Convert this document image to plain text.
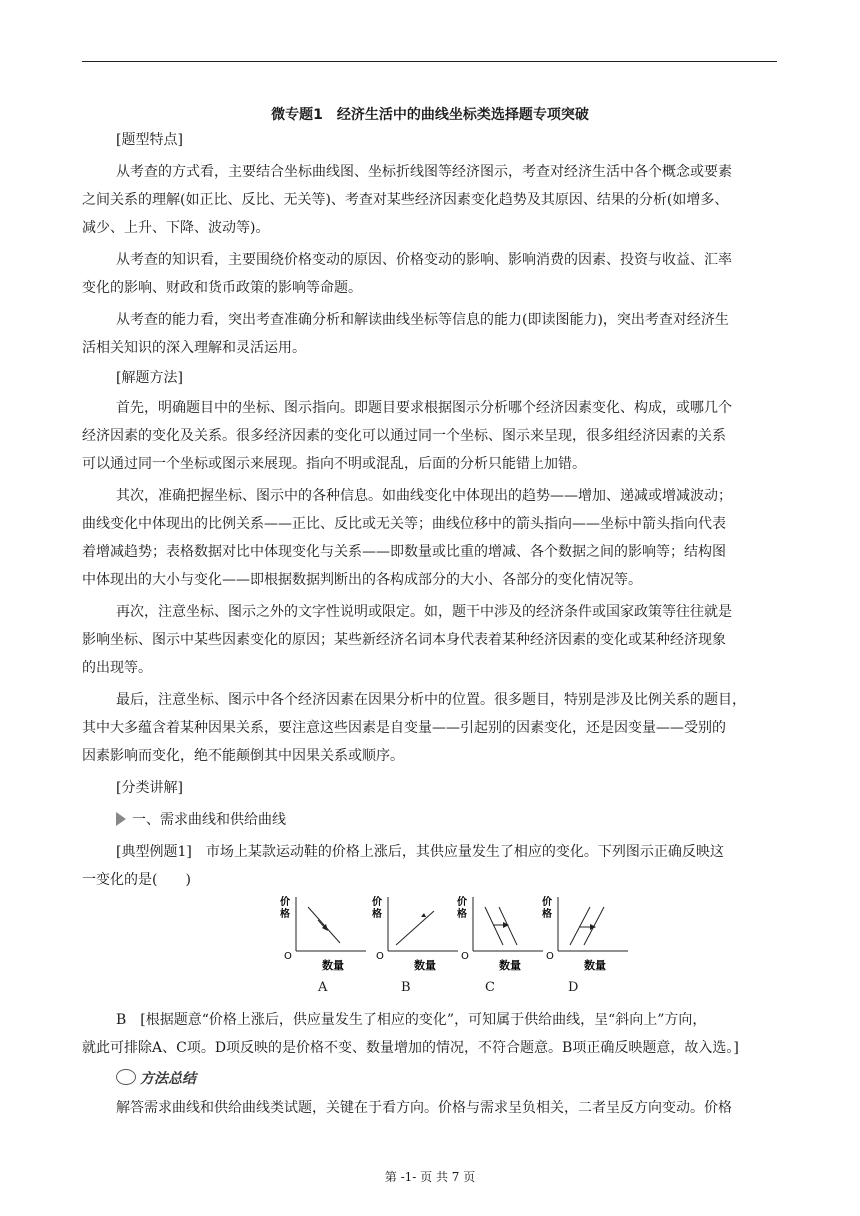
微专题1　经济生活中的曲线坐标类选择题专项突破
[题型特点]
从考查的方式看，主要结合坐标曲线图、坐标折线图等经济图示，考查对经济生活中各个概念或要素
之间关系的理解(如正比、反比、无关等)、考查对某些经济因素变化趋势及其原因、结果的分析(如增多、
减少、上升、下降、波动等)。
从考查的知识看，主要围绕价格变动的原因、价格变动的影响、影响消费的因素、投资与收益、汇率
变化的影响、财政和货币政策的影响等命题。
从考查的能力看，突出考查准确分析和解读曲线坐标等信息的能力(即读图能力)，突出考查对经济生
活相关知识的深入理解和灵活运用。
[解题方法]
首先，明确题目中的坐标、图示指向。即题目要求根据图示分析哪个经济因素变化、构成，或哪几个
经济因素的变化及关系。很多经济因素的变化可以通过同一个坐标、图示来呈现，很多组经济因素的关系
可以通过同一个坐标或图示来展现。指向不明或混乱，后面的分析只能错上加错。
其次，准确把握坐标、图示中的各种信息。如曲线变化中体现出的趋势——增加、递减或增减波动；
曲线变化中体现出的比例关系——正比、反比或无关等；曲线位移中的箭头指向——坐标中箭头指向代表
着增减趋势；表格数据对比中体现变化与关系——即数量或比重的增减、各个数据之间的影响等；结构图
中体现出的大小与变化——即根据数据判断出的各构成部分的大小、各部分的变化情况等。
再次，注意坐标、图示之外的文字性说明或限定。如，题干中涉及的经济条件或国家政策等往往就是
影响坐标、图示中某些因素变化的原因；某些新经济名词本身代表着某种经济因素的变化或某种经济现象
的出现等。
最后，注意坐标、图示中各个经济因素在因果分析中的位置。很多题目，特别是涉及比例关系的题目，
其中大多蕴含着某种因果关系，要注意这些因素是自变量——引起别的因素变化，还是因变量——受别的
因素影响而变化，绝不能颠倒其中因果关系或顺序。
[分类讲解]
一、需求曲线和供给曲线
[典型例题1]　市场上某款运动鞋的价格上涨后，其供应量发生了相应的变化。下列图示正确反映这
一变化的是(　　)
价
格
O
数量
价
O
数量
格
价
O
数量
格
价
O
数量
格
A	B	C	D
B　[根据题意“价格上涨后，供应量发生了相应的变化”，可知属于供给曲线，呈“斜向上”方向，
就此可排除A、C项。D项反映的是价格不变、数量增加的情况，不符合题意。B项正确反映题意，故入选。]
方法总结
解答需求曲线和供给曲线类试题，关键在于看方向。价格与需求呈负相关，二者呈反方向变动。价格
第 -1- 页 共 7 页
